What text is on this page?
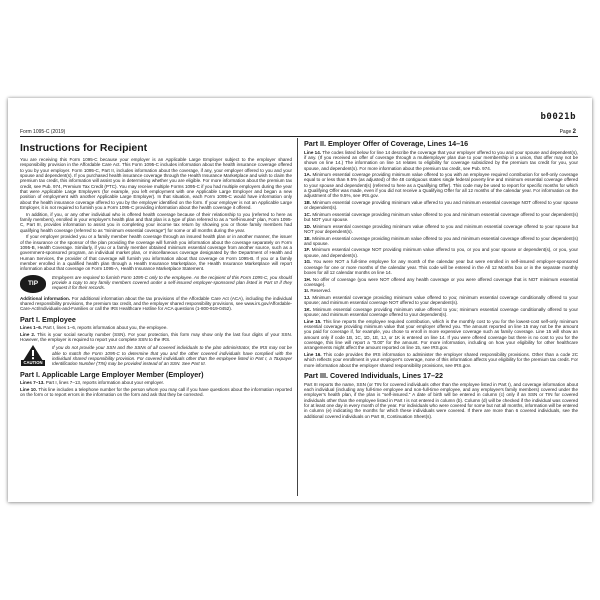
b0021b
Form 1095-C (2019)	Page 2
Instructions for Recipient

You are receiving this Form 1095-C because your employer is an Applicable Large Employer subject to the employer shared responsibility provision in the Affordable Care Act. This Form 1095-C includes information about the health insurance coverage offered to you by your employer. Form 1095-C, Part II, includes information about the coverage, if any, your employer offered to you and your spouse and dependent(s). If you purchased health insurance coverage through the Health Insurance Marketplace and wish to claim the premium tax credit, this information will assist you in determining whether you are eligible. For more information about the premium tax credit, see Pub. 974, Premium Tax Credit (PTC). You may receive multiple Forms 1095-C if you had multiple employers during the year that were Applicable Large Employers (for example, you left employment with one Applicable Large Employer and began a new position of employment with another Applicable Large Employer). In that situation, each Form 1095-C would have information only about the health insurance coverage offered to you by the employer identified on the form. If your employer is not an Applicable Large Employer, it is not required to furnish you a Form 1095-C providing information about the health coverage it offered.

In addition, if you, or any other individual who is offered health coverage because of their relationship to you (referred to here as family members), enrolled in your employer's health plan and that plan is a type of plan referred to as a "self-insured" plan, Form 1095-C, Part III, provides information to assist you in completing your income tax return by showing you or those family members had qualifying health coverage (referred to as "minimum essential coverage") for some or all months during the year.

If your employer provided you or a family member health coverage through an insured health plan or in another manner, the issuer of the insurance or the sponsor of the plan providing the coverage will furnish you information about the coverage separately on Form 1095-B, Health Coverage. Similarly, if you or a family member obtained minimum essential coverage from another source, such as a government-sponsored program, an individual market plan, or miscellaneous coverage designated by the Department of Health and Human Services, the provider of that coverage will furnish you information about that coverage on Form 1095-B. If you or a family member enrolled in a qualified health plan through a Health Insurance Marketplace, the Health Insurance Marketplace will report information about that coverage on Form 1095-A, Health Insurance Marketplace Statement.

TIP
Employers are required to furnish Form 1095-C only to the employee. As the recipient of this Form 1095-C, you should provide a copy to any family members covered under a self-insured employer-sponsored plan listed in Part III if they request it for their records.

Additional information. For additional information about the tax provisions of the Affordable Care Act (ACA), including the individual shared responsibility provisions, the premium tax credit, and the employer shared responsibility provisions, see www.irs.gov/Affordable-Care-Act/Individuals-and-Families or call the IRS Healthcare Hotline for ACA questions (1-800-919-0452).

Part I. Employee

Lines 1–6. Part I, lines 1–6, reports information about you, the employee.

Line 2. This is your social security number (SSN). For your protection, this form may show only the last four digits of your SSN. However, the employer is required to report your complete SSN to the IRS.

CAUTION
If you do not provide your SSN and the SSNs of all covered individuals to the plan administrator, the IRS may not be able to match the Form 1095-C to determine that you and the other covered individuals have complied with the individual shared responsibility provision. For covered individuals other than the employee listed in Part I, a Taxpayer Identification Number (TIN) may be provided instead of an SSN. See Part III.
Part I. Applicable Large Employer Member (Employer)

Lines 7–13. Part I, lines 7–13, reports information about your employer.

Line 10. This line includes a telephone number for the person whom you may call if you have questions about the information reported on the form or to report errors in the information on the form and ask that they be corrected.

Part II. Employer Offer of Coverage, Lines 14–16

Line 14. The codes listed below for line 14 describe the coverage that your employer offered to you and your spouse and dependent(s), if any. (If you received an offer of coverage through a multiemployer plan due to your membership in a union, that offer may not be shown on line 14.) The information on line 14 relates to eligibility for coverage subsidized by the premium tax credit for you, your spouse, and dependent(s). For more information about the premium tax credit, see Pub. 974.

1A. Minimum essential coverage providing minimum value offered to you with an employee required contribution for self-only coverage equal to or less than 9.5% (as adjusted) of the 48 contiguous states single federal poverty line and minimum essential coverage offered to your spouse and dependent(s) (referred to here as a Qualifying Offer). This code may be used to report for specific months for which a Qualifying Offer was made, even if you did not receive a Qualifying Offer for all 12 months of the calendar year. For information on the adjustment of the 9.5%, see IRS.gov.

1B. Minimum essential coverage providing minimum value offered to you and minimum essential coverage NOT offered to your spouse or dependent(s).

1C. Minimum essential coverage providing minimum value offered to you and minimum essential coverage offered to your dependent(s) but NOT your spouse.

1D. Minimum essential coverage providing minimum value offered to you and minimum essential coverage offered to your spouse but NOT your dependent(s).

1E. Minimum essential coverage providing minimum value offered to you and minimum essential coverage offered to your dependent(s) and spouse.

1F. Minimum essential coverage NOT providing minimum value offered to you, or you and your spouse or dependent(s), or you, your spouse, and dependent(s).

1G. You were NOT a full-time employee for any month of the calendar year but were enrolled in self-insured employer-sponsored coverage for one or more months of the calendar year. This code will be entered in the All 12 Months box or in the separate monthly boxes for all 12 calendar months on line 14.

1H. No offer of coverage (you were NOT offered any health coverage or you were offered coverage that is NOT minimum essential coverage).

1I. Reserved.

1J. Minimum essential coverage providing minimum value offered to you; minimum essential coverage conditionally offered to your spouse; and minimum essential coverage NOT offered to your dependent(s).

1K. Minimum essential coverage providing minimum value offered to you; minimum essential coverage conditionally offered to your spouse; and minimum essential coverage offered to your dependent(s).

Line 15. This line reports the employee required contribution, which is the monthly cost to you for the lowest-cost self-only minimum essential coverage providing minimum value that your employer offered you. The amount reported on line 15 may not be the amount you paid for coverage if, for example, you chose to enroll in more expensive coverage such as family coverage. Line 15 will show an amount only if code 1B, 1C, 1D, 1E, 1J, or 1K is entered on line 14. If you were offered coverage but there is no cost to you for the coverage, this line will report a "0.00" for the amount. For more information, including on how your eligibility for other healthcare arrangements might affect the amount reported on line 15, see IRS.gov.

Line 16. This code provides the IRS information to administer the employer shared responsibility provisions. Other than a code 2C which reflects your enrollment in your employer's coverage, none of this information affects your eligibility for the premium tax credit. For more information about the employer shared responsibility provisions, see IRS.gov.

Part III. Covered Individuals, Lines 17–22

Part III reports the name, SSN (or TIN for covered individuals other than the employee listed in Part I), and coverage information about each individual (including any full-time employee and non-full-time employee, and any employee's family members) covered under the employer's health plan, if the plan is "self-insured." A date of birth will be entered in column (c) only if an SSN or TIN for covered individuals other than the employee listed in Part I is not entered in column (b). Column (d) will be checked if the individual was covered for at least one day in every month of the year. For individuals who were covered for some but not all months, information will be entered in column (e) indicating the months for which these individuals were covered. If there are more than 6 covered individuals, see the additional covered individuals on Part III, Continuation Sheet(s).
